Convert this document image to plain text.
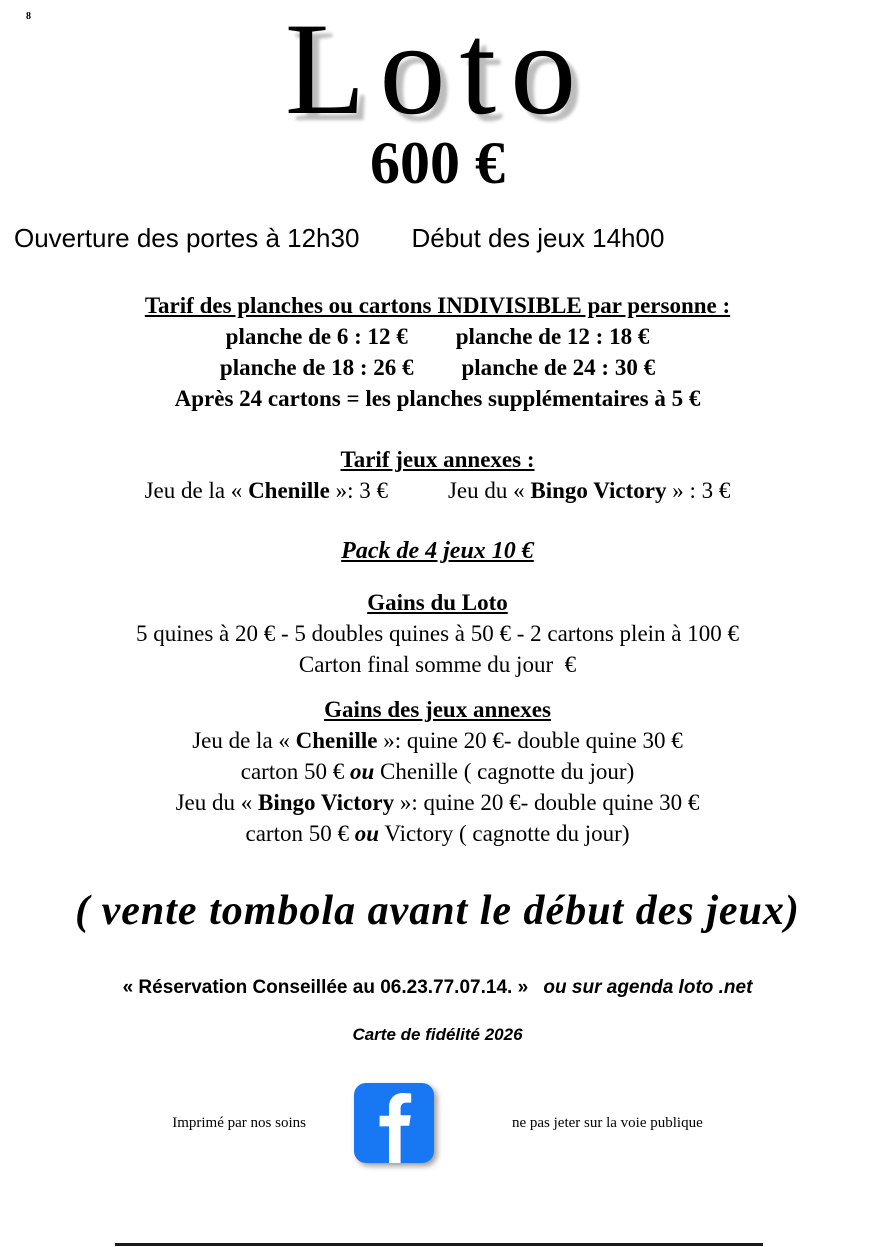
8	Loto
600 €
Ouverture des portes à 12h30 Début des jeux 14h00
Tarif des planches ou cartons INDIVISIBLE par personne :
planche de 6 : 12 € planche de 12 : 18 €
planche de 18 : 26 € planche de 24 : 30 €
Après 24 cartons = les planches supplémentaires à 5 €
Tarif jeux annexes :
Jeu de la « Chenille »: 3 €	Jeu du « Bingo Victory » : 3 €
Pack de 4 jeux 10 €
Gains du Loto
5 quines à 20 € - 5 doubles quines à 50 € - 2 cartons plein à 100 €
Carton final somme du jour  €
Gains des jeux annexes
Jeu de la « Chenille »: quine 20 €- double quine 30 €
carton 50 € ou Chenille ( cagnotte du jour)
Jeu du « Bingo Victory »: quine 20 €- double quine 30 €
carton 50 € ou Victory ( cagnotte du jour)
( vente tombola avant le début des jeux)
« Réservation Conseillée au 06.23.77.07.14. » ou sur agenda loto .net
Carte de fidélité 2026
Imprimé par nos soins	ne pas jeter sur la voie publique
